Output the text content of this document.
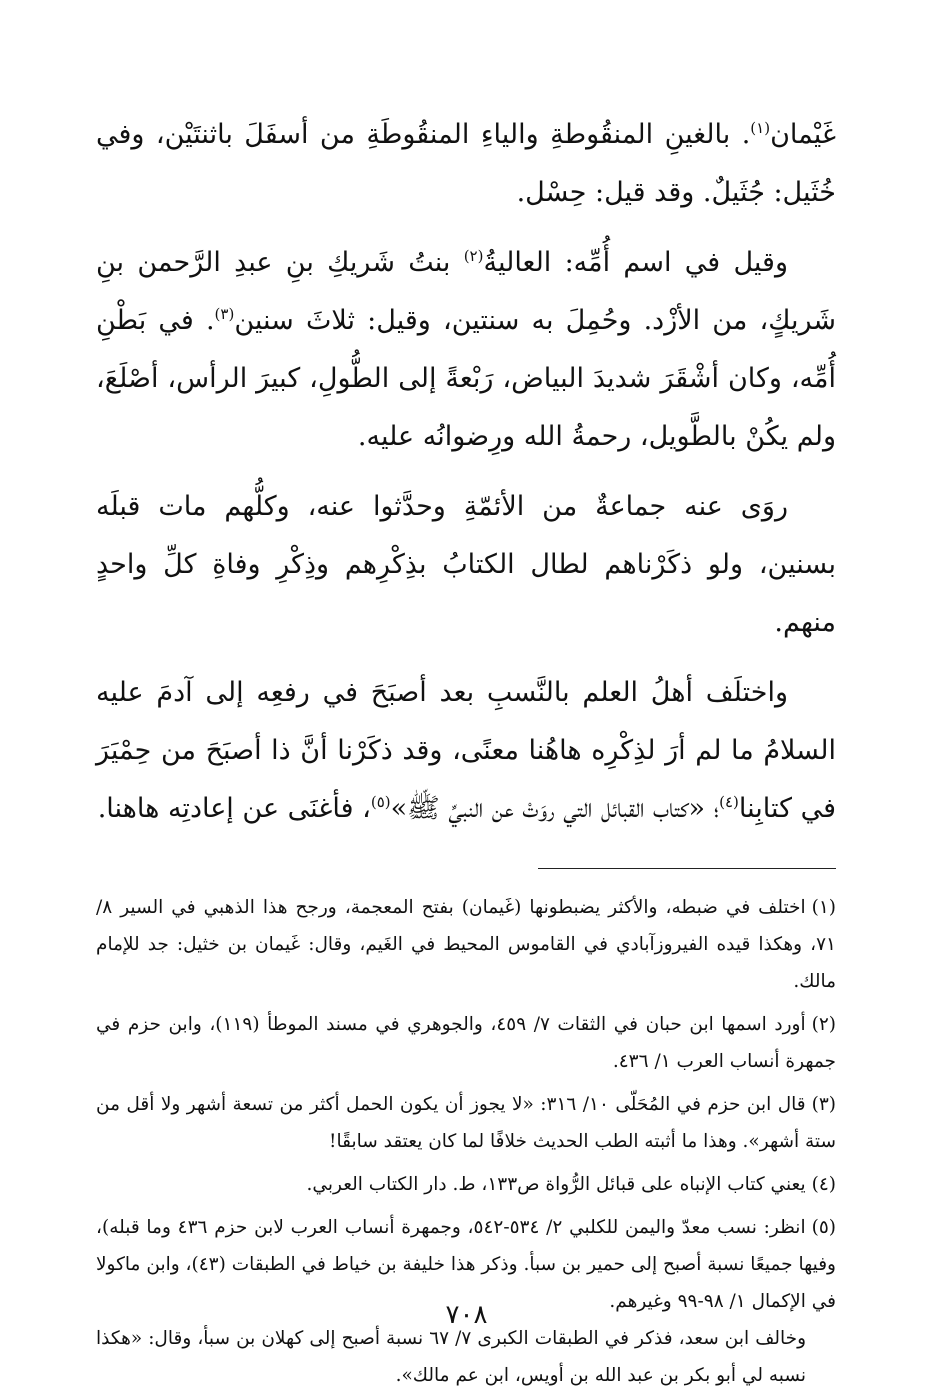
غَيْمان$^{(١)}$. بالغينِ المنقُوطةِ والياءِ المنقُوطَةِ من أسفَلَ باثنتَيْن، وفي خُثَيل: جُثَيلٌ. وقد قيل: حِسْل.

وقيل في اسم أُمِّه: العاليةُ$^{(٢)}$ بنتُ شَريكِ بنِ عبدِ الرَّحمن بنِ شَريكٍ، من الأزْد. وحُمِلَ به سنتين، وقيل: ثلاثَ سنين$^{(٣)}$. في بَطْنِ أُمِّه، وكان أشْقَرَ شديدَ البياض، رَبْعةً إلى الطُّولِ، كبيرَ الرأس، أصْلَعَ، ولم يكُنْ بالطَّويل، رحمةُ الله ورِضوانُه عليه.

روَى عنه جماعةٌ من الأئمّةِ وحدَّثوا عنه، وكلُّهم مات قبلَه بسنين، ولو ذكَرْناهم لطال الكتابُ بذِكْرِهم وذِكْرِ وفاةِ كلِّ واحدٍ منهم.

واختلَف أهلُ العلم بالنَّسبِ بعد أصبَحَ في رفعِه إلى آدمَ عليه السلامُ ما لم أرَ لذِكْرِه هاهُنا معنًى، وقد ذكَرْنا أنَّ ذا أصبَحَ من حِمْيَرَ في كتابِنا$^{(٤)}$؛ «كتاب القبائل التي روَتْ عن النبيِّ ﷺ»$^{(٥)}$، فأغنَى عن إعادتِه هاهنا.

(١)اختلف في ضبطه، والأكثر يضبطونها (غَيمان) بفتح المعجمة، ورجح هذا الذهبي في السير ٨/ ٧١، وهكذا قيده الفيروزآبادي في القاموس المحيط في الغَيم، وقال: غَيمان بن خثيل: جد للإمام مالك.
(٢)أورد اسمها ابن حبان في الثقات ٧/ ٤٥٩، والجوهري في مسند الموطأ (١١٩)، وابن حزم في جمهرة أنساب العرب ١/ ٤٣٦.
(٣)قال ابن حزم في المُحَلّى ١٠/ ٣١٦: «لا يجوز أن يكون الحمل أكثر من تسعة أشهر ولا أقل من ستة أشهر». وهذا ما أثبته الطب الحديث خلافًا لما كان يعتقد سابقًا!
(٤)يعني كتاب الإنباه على قبائل الرُّواة ص١٣٣، ط. دار الكتاب العربي.
(٥)انظر: نسب معدّ واليمن للكلبي ٢/ ٥٣٤-٥٤٢، وجمهرة أنساب العرب لابن حزم ٤٣٦ وما قبله)، وفيها جميعًا نسبة أصبح إلى حمير بن سبأ. وذكر هذا خليفة بن خياط في الطبقات (٤٣)، وابن ماكولا في الإكمال ١/ ٩٨-٩٩ وغيرهم.
وخالف ابن سعد، فذكر في الطبقات الكبرى ٧/ ٦٧ نسبة أصبح إلى كهلان بن سبأ، وقال: «هكذا نسبه لي أبو بكر بن عبد الله بن أويس، ابن عم مالك».
٧٠٨
